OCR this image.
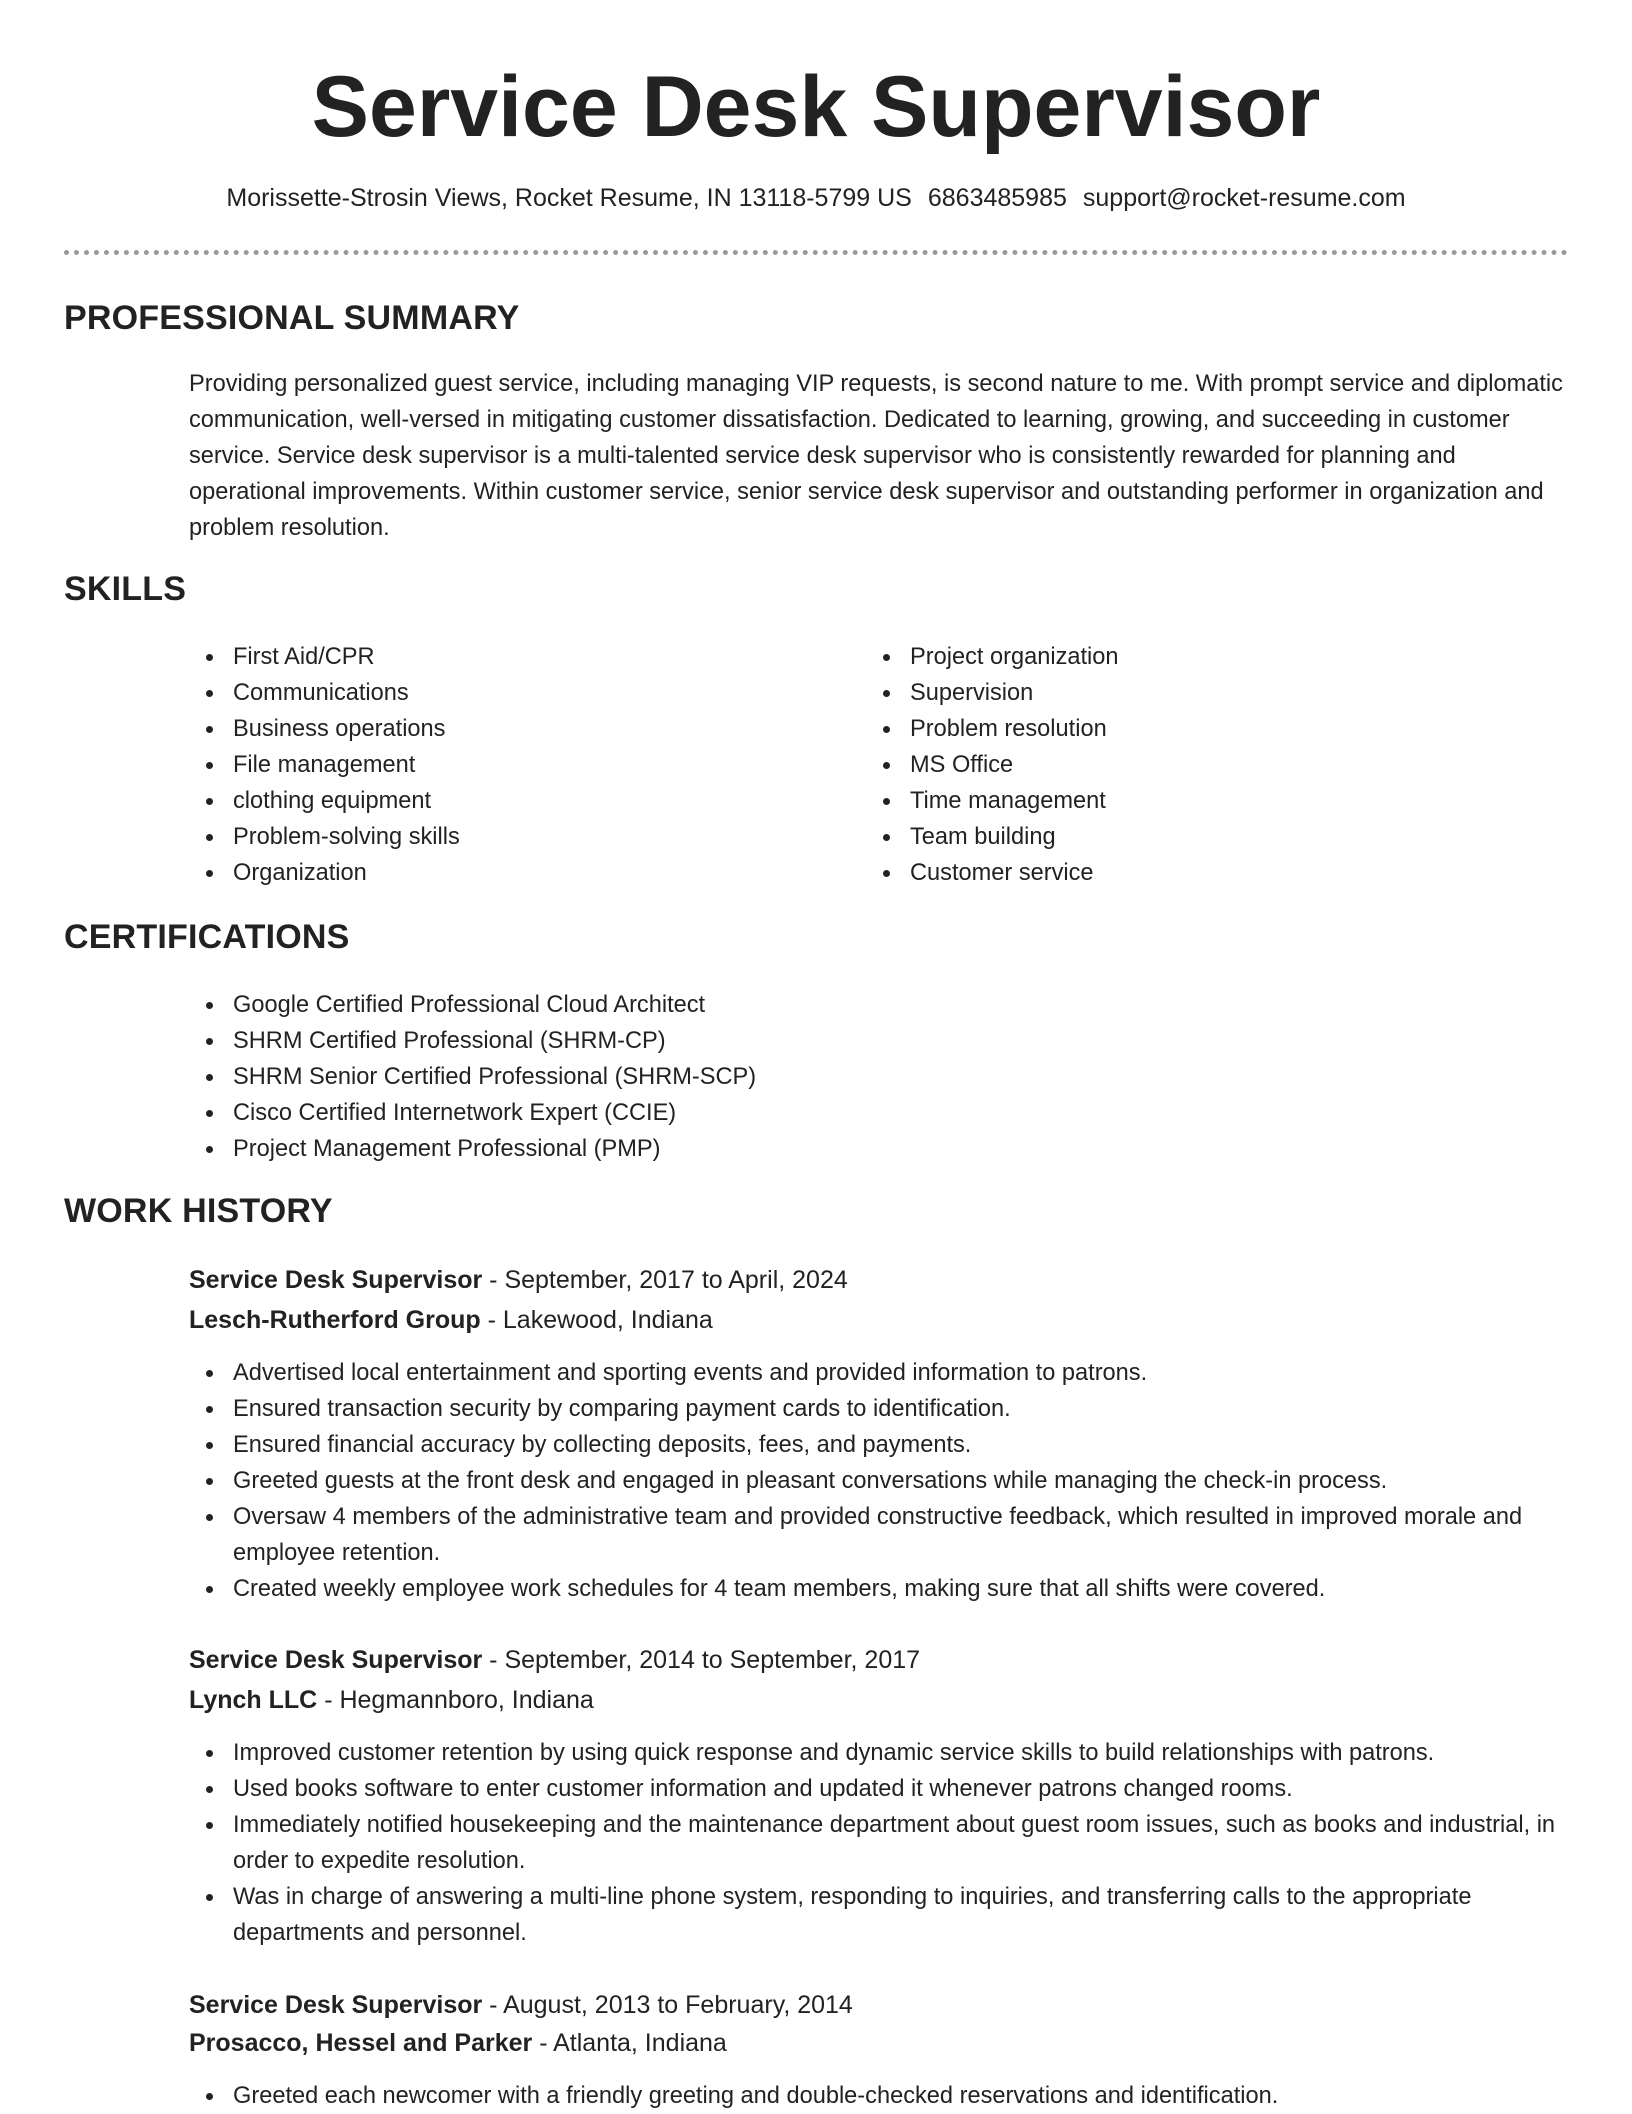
Service Desk Supervisor
Morissette-Strosin Views, Rocket Resume, IN 13118-5799 US 6863485985 support@rocket-resume.com
PROFESSIONAL SUMMARY
Providing personalized guest service, including managing VIP requests, is second nature to me. With prompt service and diplomatic communication, well-versed in mitigating customer dissatisfaction. Dedicated to learning, growing, and succeeding in customer service. Service desk supervisor is a multi-talented service desk supervisor who is consistently rewarded for planning and operational improvements. Within customer service, senior service desk supervisor and outstanding performer in organization and problem resolution.
SKILLS
First Aid/CPR
Communications
Business operations
File management
clothing equipment
Problem-solving skills
Organization
Project organization
Supervision
Problem resolution
MS Office
Time management
Team building
Customer service
CERTIFICATIONS
Google Certified Professional Cloud Architect
SHRM Certified Professional (SHRM-CP)
SHRM Senior Certified Professional (SHRM-SCP)
Cisco Certified Internetwork Expert (CCIE)
Project Management Professional (PMP)
WORK HISTORY
Service Desk Supervisor - September, 2017 to April, 2024
Lesch-Rutherford Group - Lakewood, Indiana
Advertised local entertainment and sporting events and provided information to patrons.
Ensured transaction security by comparing payment cards to identification.
Ensured financial accuracy by collecting deposits, fees, and payments.
Greeted guests at the front desk and engaged in pleasant conversations while managing the check-in process.
Oversaw 4 members of the administrative team and provided constructive feedback, which resulted in improved morale and employee retention.
Created weekly employee work schedules for 4 team members, making sure that all shifts were covered.
Service Desk Supervisor - September, 2014 to September, 2017
Lynch LLC - Hegmannboro, Indiana
Improved customer retention by using quick response and dynamic service skills to build relationships with patrons.
Used books software to enter customer information and updated it whenever patrons changed rooms.
Immediately notified housekeeping and the maintenance department about guest room issues, such as books and industrial, in order to expedite resolution.
Was in charge of answering a multi-line phone system, responding to inquiries, and transferring calls to the appropriate departments and personnel.
Service Desk Supervisor - August, 2013 to February, 2014
Prosacco, Hessel and Parker - Atlanta, Indiana
Greeted each newcomer with a friendly greeting and double-checked reservations and identification.
